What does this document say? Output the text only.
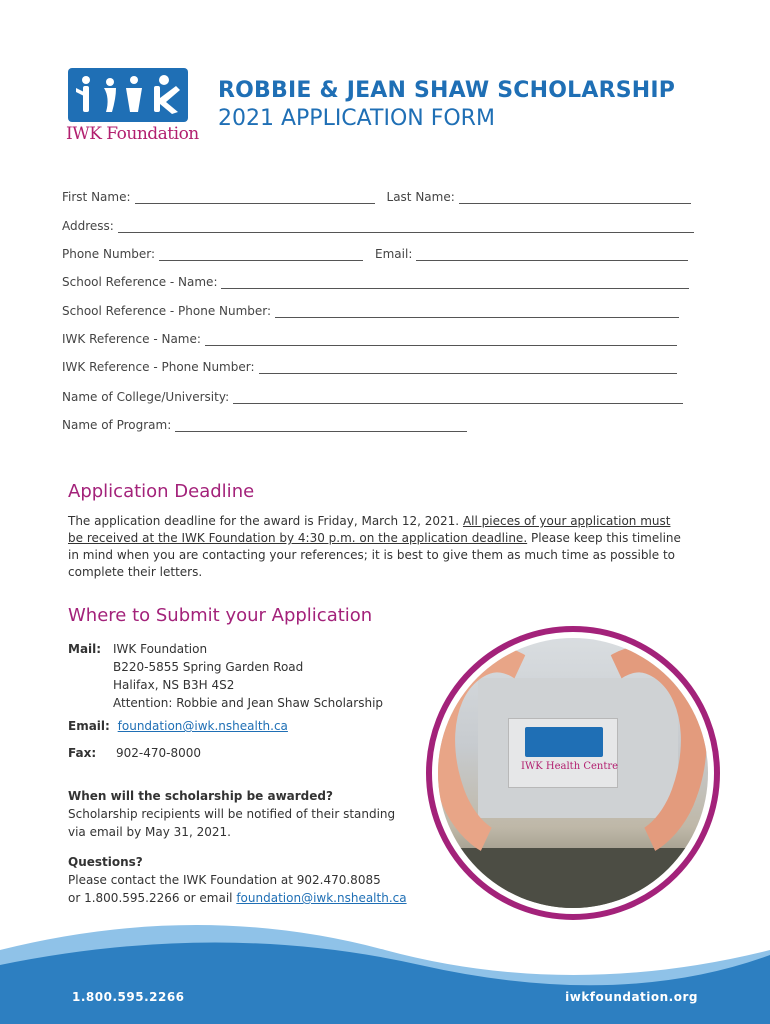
IWK Foundation
ROBBIE & JEAN SHAW SCHOLARSHIP
2021 APPLICATION FORM
First Name:	Last Name:
Address:
Phone Number:	Email:
School Reference - Name:
School Reference - Phone Number:
IWK Reference - Name:
IWK Reference - Phone Number:
Name of College/University:
Name of Program:
Application Deadline
The application deadline for the award is Friday, March 12, 2021. All pieces of your application must be received at the IWK Foundation by 4:30 p.m. on the application deadline. Please keep this timeline in mind when you are contacting your references; it is best to give them as much time as possible to complete their letters.
Where to Submit your Application
Mail: IWK Foundation
B220-5855 Spring Garden Road
Halifax, NS B3H 4S2
Attention: Robbie and Jean Shaw Scholarship
Email: foundation@iwk.nshealth.ca
Fax: 902-470-8000
When will the scholarship be awarded?
Scholarship recipients will be notified of their standing
via email by May 31, 2021.
Questions?
Please contact the IWK Foundation at 902.470.8085
or 1.800.595.2266 or email foundation@iwk.nshealth.ca
IWK Health Centre
1.800.595.2266	iwkfoundation.org
